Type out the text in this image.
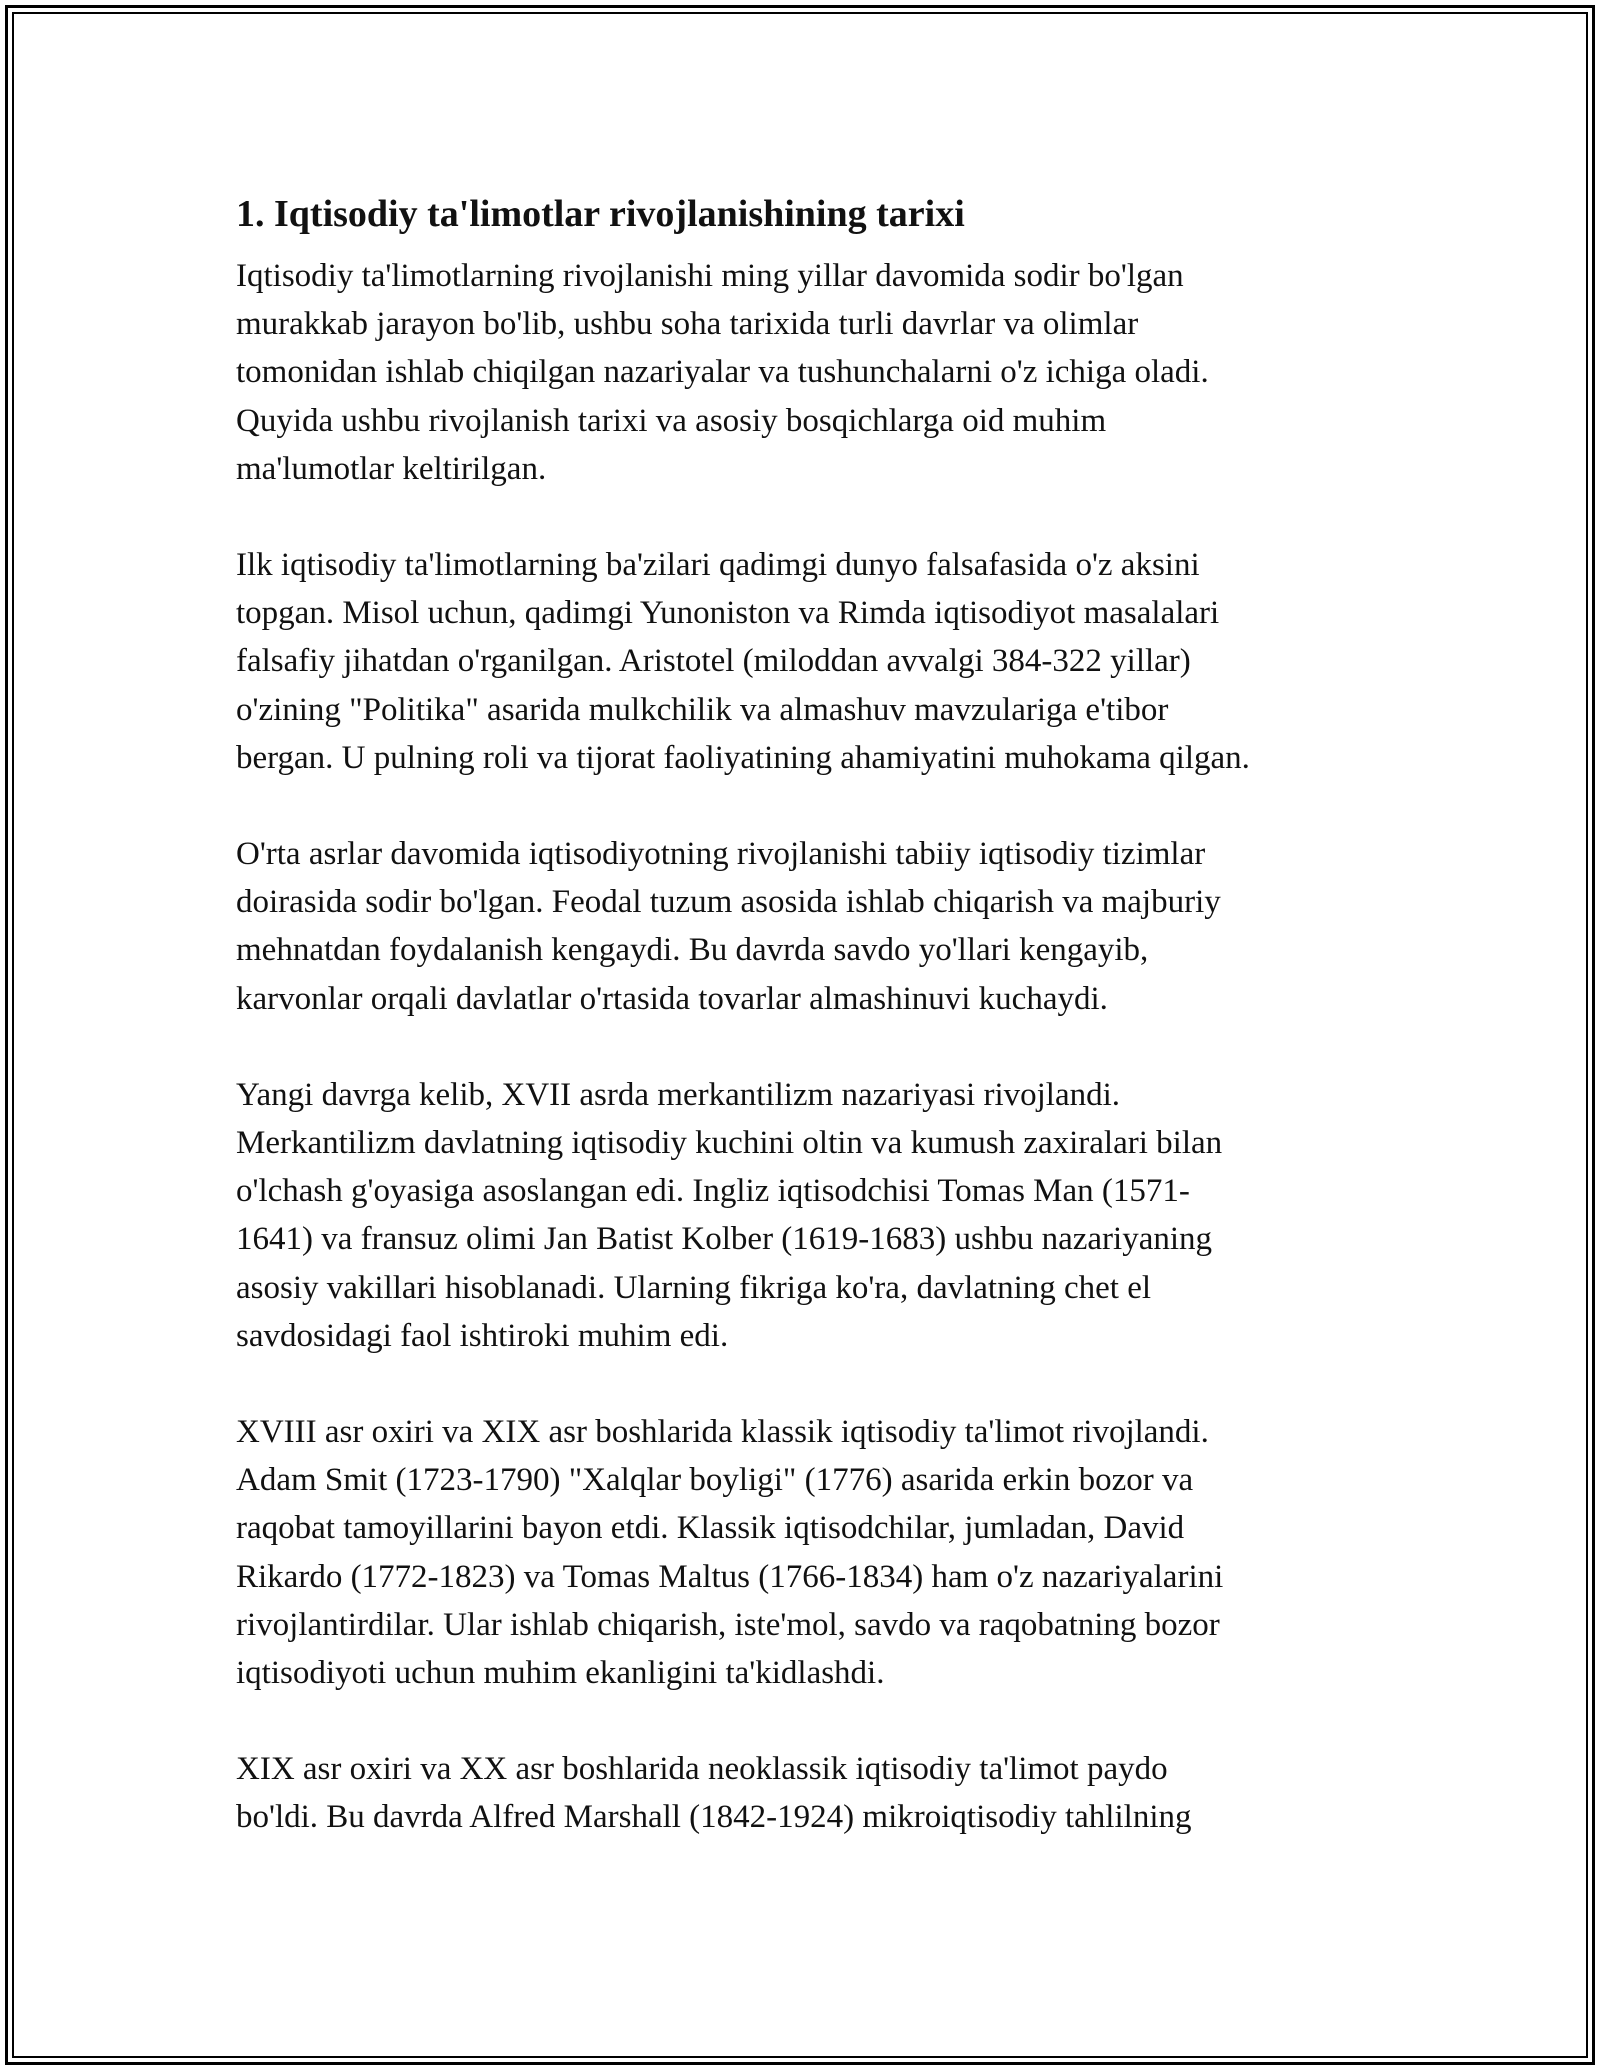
1. Iqtisodiy ta'limotlar rivojlanishining tarixi

Iqtisodiy ta'limotlarning rivojlanishi ming yillar davomida sodir bo'lgan
murakkab jarayon bo'lib, ushbu soha tarixida turli davrlar va olimlar
tomonidan ishlab chiqilgan nazariyalar va tushunchalarni o'z ichiga oladi.
Quyida ushbu rivojlanish tarixi va asosiy bosqichlarga oid muhim
ma'lumotlar keltirilgan.

Ilk iqtisodiy ta'limotlarning ba'zilari qadimgi dunyo falsafasida o'z aksini
topgan. Misol uchun, qadimgi Yunoniston va Rimda iqtisodiyot masalalari
falsafiy jihatdan o'rganilgan. Aristotel (miloddan avvalgi 384-322 yillar)
o'zining "Politika" asarida mulkchilik va almashuv mavzulariga e'tibor
bergan. U pulning roli va tijorat faoliyatining ahamiyatini muhokama qilgan.

O'rta asrlar davomida iqtisodiyotning rivojlanishi tabiiy iqtisodiy tizimlar
doirasida sodir bo'lgan. Feodal tuzum asosida ishlab chiqarish va majburiy
mehnatdan foydalanish kengaydi. Bu davrda savdo yo'llari kengayib,
karvonlar orqali davlatlar o'rtasida tovarlar almashinuvi kuchaydi.

Yangi davrga kelib, XVII asrda merkantilizm nazariyasi rivojlandi.
Merkantilizm davlatning iqtisodiy kuchini oltin va kumush zaxiralari bilan
o'lchash g'oyasiga asoslangan edi. Ingliz iqtisodchisi Tomas Man (1571-
1641) va fransuz olimi Jan Batist Kolber (1619-1683) ushbu nazariyaning
asosiy vakillari hisoblanadi. Ularning fikriga ko'ra, davlatning chet el
savdosidagi faol ishtiroki muhim edi.

XVIII asr oxiri va XIX asr boshlarida klassik iqtisodiy ta'limot rivojlandi.
Adam Smit (1723-1790) "Xalqlar boyligi" (1776) asarida erkin bozor va
raqobat tamoyillarini bayon etdi. Klassik iqtisodchilar, jumladan, David
Rikardo (1772-1823) va Tomas Maltus (1766-1834) ham o'z nazariyalarini
rivojlantirdilar. Ular ishlab chiqarish, iste'mol, savdo va raqobatning bozor
iqtisodiyoti uchun muhim ekanligini ta'kidlashdi.

XIX asr oxiri va XX asr boshlarida neoklassik iqtisodiy ta'limot paydo
bo'ldi. Bu davrda Alfred Marshall (1842-1924) mikroiqtisodiy tahlilning
